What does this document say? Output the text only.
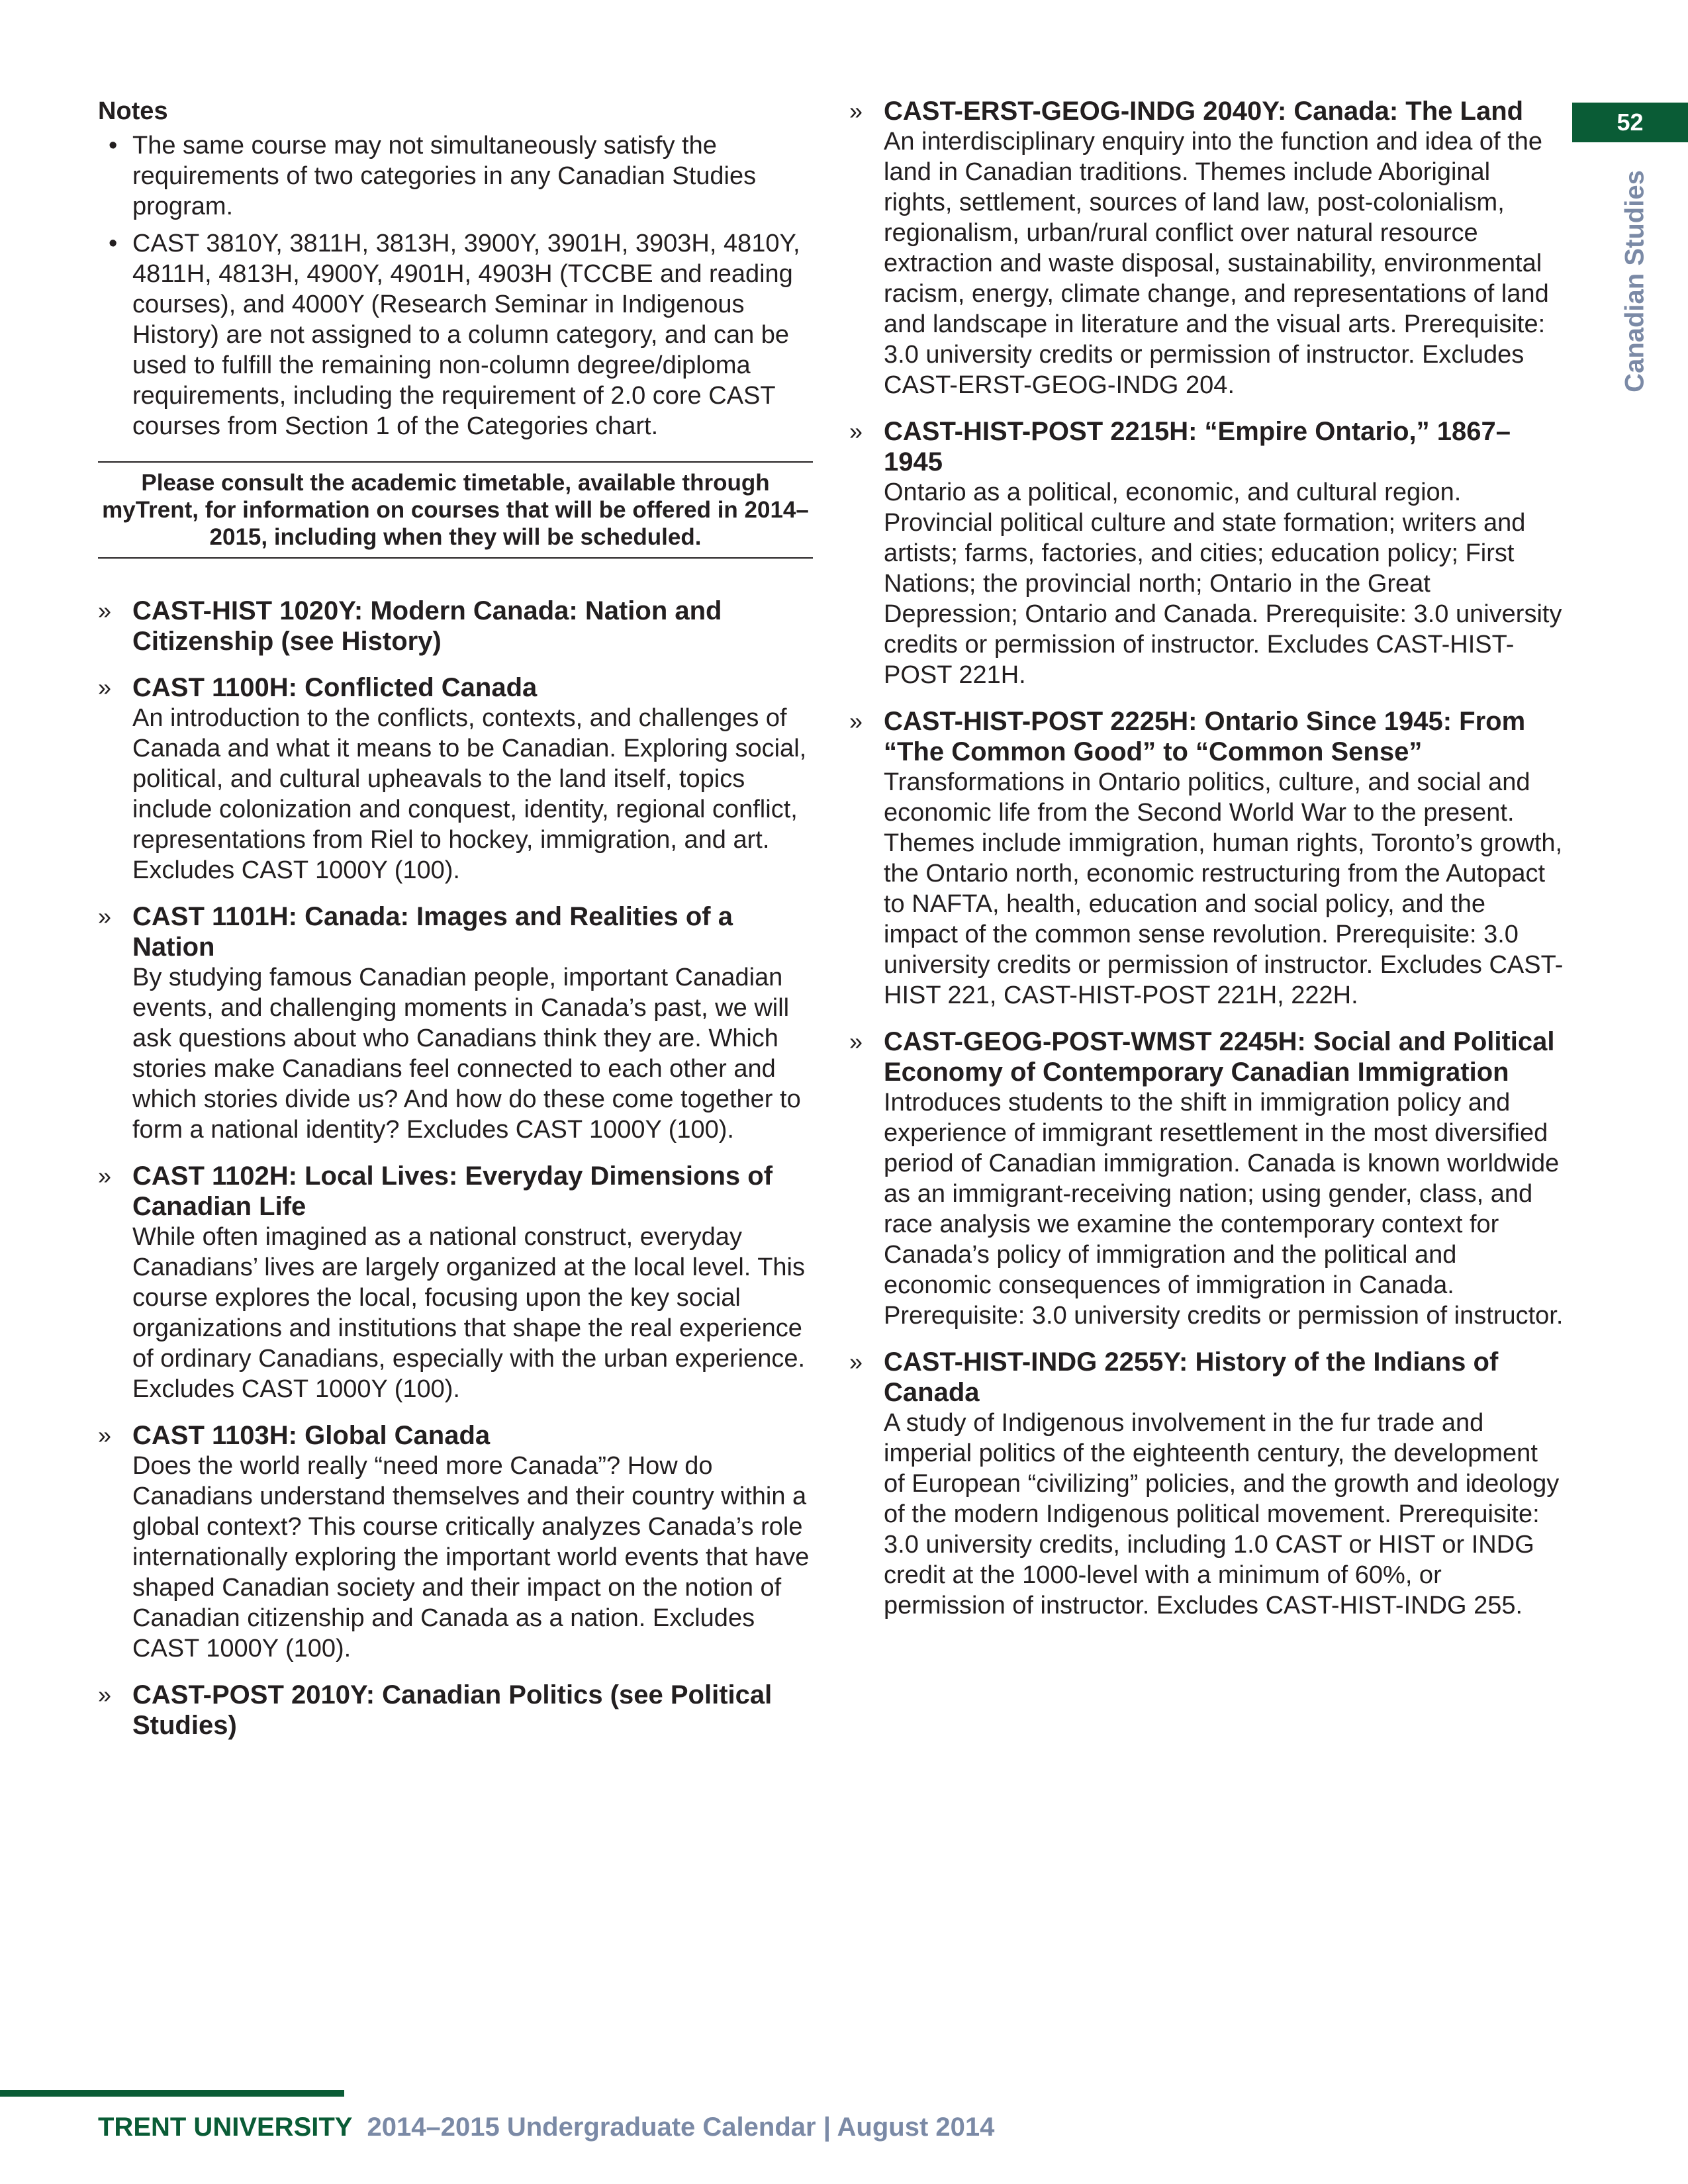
52
Canadian Studies
Notes
• The same course may not simultaneously satisfy the requirements of two categories in any Canadian Studies program.
• CAST 3810Y, 3811H, 3813H, 3900Y, 3901H, 3903H, 4810Y, 4811H, 4813H, 4900Y, 4901H, 4903H (TCCBE and reading courses), and 4000Y (Research Seminar in Indigenous History) are not assigned to a column category, and can be used to fulfill the remaining non-column degree/diploma requirements, including the requirement of 2.0 core CAST courses from Section 1 of the Categories chart.
Please consult the academic timetable, available through myTrent, for information on courses that will be offered in 2014–2015, including when they will be scheduled.
» CAST-HIST 1020Y: Modern Canada: Nation and Citizenship (see History)
» CAST 1100H: Conflicted Canada
An introduction to the conflicts, contexts, and challenges of Canada and what it means to be Canadian. Exploring social, political, and cultural upheavals to the land itself, topics include colonization and conquest, identity, regional conflict, representations from Riel to hockey, immigration, and art. Excludes CAST 1000Y (100).
» CAST 1101H: Canada: Images and Realities of a Nation
By studying famous Canadian people, important Canadian events, and challenging moments in Canada’s past, we will ask questions about who Canadians think they are. Which stories make Canadians feel connected to each other and which stories divide us? And how do these come together to form a national identity? Excludes CAST 1000Y (100).
» CAST 1102H: Local Lives: Everyday Dimensions of Canadian Life
While often imagined as a national construct, everyday Canadians’ lives are largely organized at the local level. This course explores the local, focusing upon the key social organizations and institutions that shape the real experience of ordinary Canadians, especially with the urban experience. Excludes CAST 1000Y (100).
» CAST 1103H: Global Canada
Does the world really “need more Canada”? How do Canadians understand themselves and their country within a global context? This course critically analyzes Canada’s role internationally exploring the important world events that have shaped Canadian society and their impact on the notion of Canadian citizenship and Canada as a nation. Excludes CAST 1000Y (100).
» CAST-POST 2010Y: Canadian Politics (see Political Studies)
» CAST-ERST-GEOG-INDG 2040Y: Canada: The Land
An interdisciplinary enquiry into the function and idea of the land in Canadian traditions. Themes include Aboriginal rights, settlement, sources of land law, post-colonialism, regionalism, urban/rural conflict over natural resource extraction and waste disposal, sustainability, environmental racism, energy, climate change, and representations of land and landscape in literature and the visual arts. Prerequisite: 3.0 university credits or permission of instructor. Excludes CAST-ERST-GEOG-INDG 204.
» CAST-HIST-POST 2215H: “Empire Ontario,” 1867–1945
Ontario as a political, economic, and cultural region. Provincial political culture and state formation; writers and artists; farms, factories, and cities; education policy; First Nations; the provincial north; Ontario in the Great Depression; Ontario and Canada. Prerequisite: 3.0 university credits or permission of instructor. Excludes CAST-HIST-POST 221H.
» CAST-HIST-POST 2225H: Ontario Since 1945: From “The Common Good” to “Common Sense”
Transformations in Ontario politics, culture, and social and economic life from the Second World War to the present. Themes include immigration, human rights, Toronto’s growth, the Ontario north, economic restructuring from the Autopact to NAFTA, health, education and social policy, and the impact of the common sense revolution. Prerequisite: 3.0 university credits or permission of instructor. Excludes CAST-HIST 221, CAST-HIST-POST 221H, 222H.
» CAST-GEOG-POST-WMST 2245H: Social and Political Economy of Contemporary Canadian Immigration
Introduces students to the shift in immigration policy and experience of immigrant resettlement in the most diversified period of Canadian immigration. Canada is known worldwide as an immigrant-receiving nation; using gender, class, and race analysis we examine the contemporary context for Canada’s policy of immigration and the political and economic consequences of immigration in Canada. Prerequisite: 3.0 university credits or permission of instructor.
» CAST-HIST-INDG 2255Y: History of the Indians of Canada
A study of Indigenous involvement in the fur trade and imperial politics of the eighteenth century, the development of European “civilizing” policies, and the growth and ideology of the modern Indigenous political movement. Prerequisite: 3.0 university credits, including 1.0 CAST or HIST or INDG credit at the 1000-level with a minimum of 60%, or permission of instructor. Excludes CAST-HIST-INDG 255.
TRENT UNIVERSITY 2014–2015 Undergraduate Calendar | August 2014
